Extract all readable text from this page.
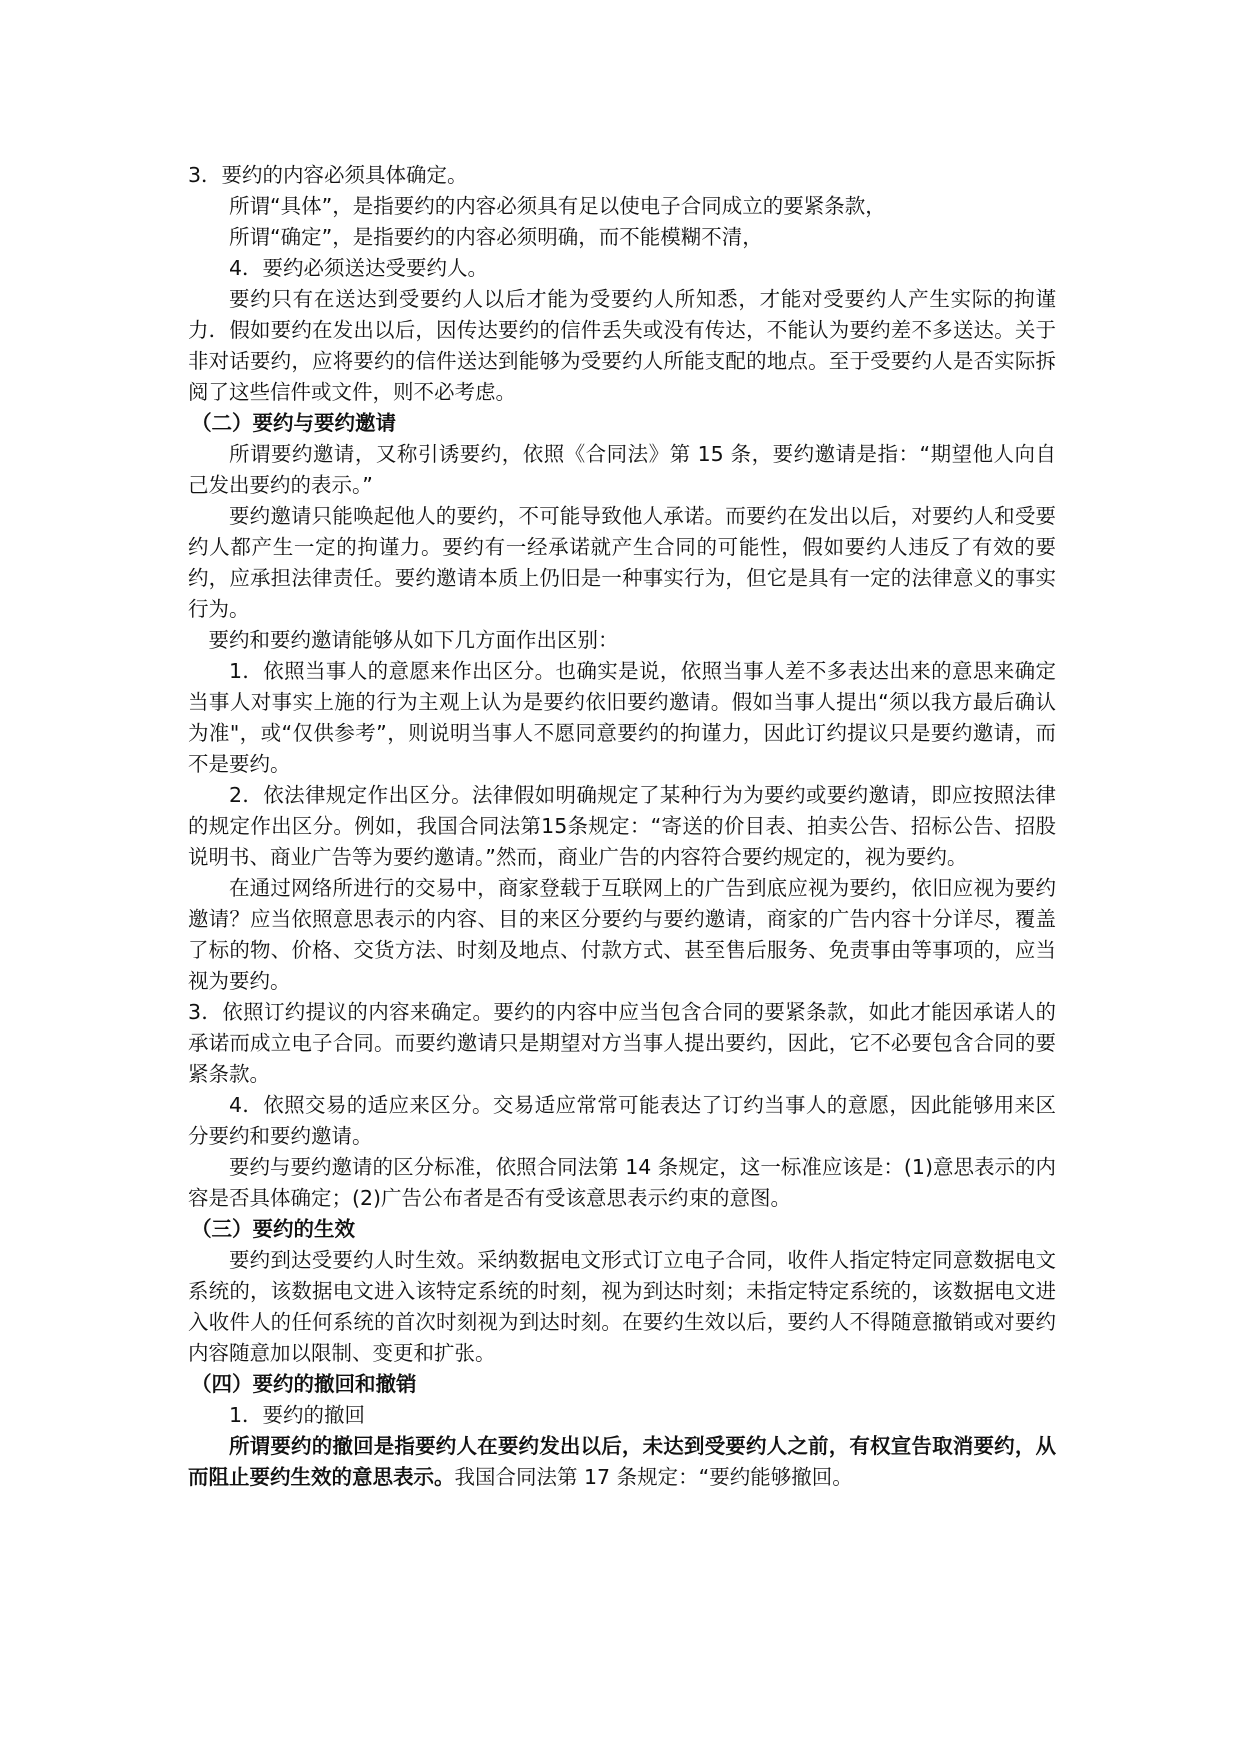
3．要约的内容必须具体确定。

所谓“具体”，是指要约的内容必须具有足以使电子合同成立的要紧条款，

所谓“确定”，是指要约的内容必须明确，而不能模糊不清，

4．要约必须送达受要约人。

要约只有在送达到受要约人以后才能为受要约人所知悉，才能对受要约人产生实际的拘谨力．假如要约在发出以后，因传达要约的信件丢失或没有传达，不能认为要约差不多送达。关于非对话要约，应将要约的信件送达到能够为受要约人所能支配的地点。至于受要约人是否实际拆阅了这些信件或文件，则不必考虑。

（二）要约与要约邀请

所谓要约邀请，又称引诱要约，依照《合同法》第 15 条，要约邀请是指：“期望他人向自己发出要约的表示。”

要约邀请只能唤起他人的要约，不可能导致他人承诺。而要约在发出以后，对要约人和受要约人都产生一定的拘谨力。要约有一经承诺就产生合同的可能性，假如要约人违反了有效的要约，应承担法律责任。要约邀请本质上仍旧是一种事实行为，但它是具有一定的法律意义的事实行为。

要约和要约邀请能够从如下几方面作出区别：

1．依照当事人的意愿来作出区分。也确实是说，依照当事人差不多表达出来的意思来确定当事人对事实上施的行为主观上认为是要约依旧要约邀请。假如当事人提出“须以我方最后确认为准"，或“仅供参考”，则说明当事人不愿同意要约的拘谨力，因此订约提议只是要约邀请，而不是要约。

2．依法律规定作出区分。法律假如明确规定了某种行为为要约或要约邀请，即应按照法律的规定作出区分。例如，我国合同法第15条规定：“寄送的价目表、拍卖公告、招标公告、招股说明书、商业广告等为要约邀请。”然而，商业广告的内容符合要约规定的，视为要约。

在通过网络所进行的交易中，商家登载于互联网上的广告到底应视为要约，依旧应视为要约邀请？应当依照意思表示的内容、目的来区分要约与要约邀请，商家的广告内容十分详尽，覆盖了标的物、价格、交货方法、时刻及地点、付款方式、甚至售后服务、免责事由等事项的，应当视为要约。

3．依照订约提议的内容来确定。要约的内容中应当包含合同的要紧条款，如此才能因承诺人的承诺而成立电子合同。而要约邀请只是期望对方当事人提出要约，因此，它不必要包含合同的要紧条款。

4．依照交易的适应来区分。交易适应常常可能表达了订约当事人的意愿，因此能够用来区分要约和要约邀请。

要约与要约邀请的区分标准，依照合同法第 14 条规定，这一标准应该是：(1)意思表示的内容是否具体确定；(2)广告公布者是否有受该意思表示约束的意图。

（三）要约的生效

要约到达受要约人时生效。采纳数据电文形式订立电子合同，收件人指定特定同意数据电文系统的，该数据电文进入该特定系统的时刻，视为到达时刻；未指定特定系统的，该数据电文进入收件人的任何系统的首次时刻视为到达时刻。在要约生效以后，要约人不得随意撤销或对要约内容随意加以限制、变更和扩张。

（四）要约的撤回和撤销

1．要约的撤回

所谓要约的撤回是指要约人在要约发出以后，未达到受要约人之前，有权宣告取消要约，从而阻止要约生效的意思表示。我国合同法第 17 条规定：“要约能够撤回。
